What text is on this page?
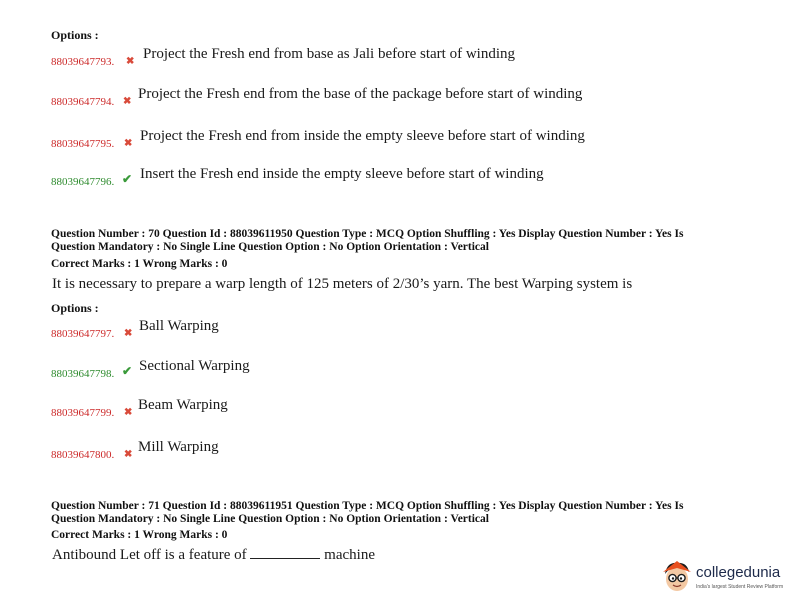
Options :
88039647793. ✖ Project the Fresh end from base as Jali before start of winding
88039647794. ✖ Project the Fresh end from the base of the package before start of winding
88039647795. ✖ Project the Fresh end from inside the empty sleeve before start of winding
88039647796. ✔ Insert the Fresh end inside the empty sleeve before start of winding
Question Number : 70 Question Id : 88039611950 Question Type : MCQ Option Shuffling : Yes Display Question Number : Yes Is
Question Mandatory : No Single Line Question Option : No Option Orientation : Vertical
Correct Marks : 1 Wrong Marks : 0
It is necessary to prepare a warp length of 125 meters of 2/30’s yarn. The best Warping system is
Options :
88039647797. ✖ Ball Warping
88039647798. ✔ Sectional Warping
88039647799. ✖ Beam Warping
88039647800. ✖ Mill Warping
Question Number : 71 Question Id : 88039611951 Question Type : MCQ Option Shuffling : Yes Display Question Number : Yes Is
Question Mandatory : No Single Line Question Option : No Option Orientation : Vertical
Correct Marks : 1 Wrong Marks : 0
Antibound Let off is a feature of	machine
collegedunia
India's largest Student Review Platform
